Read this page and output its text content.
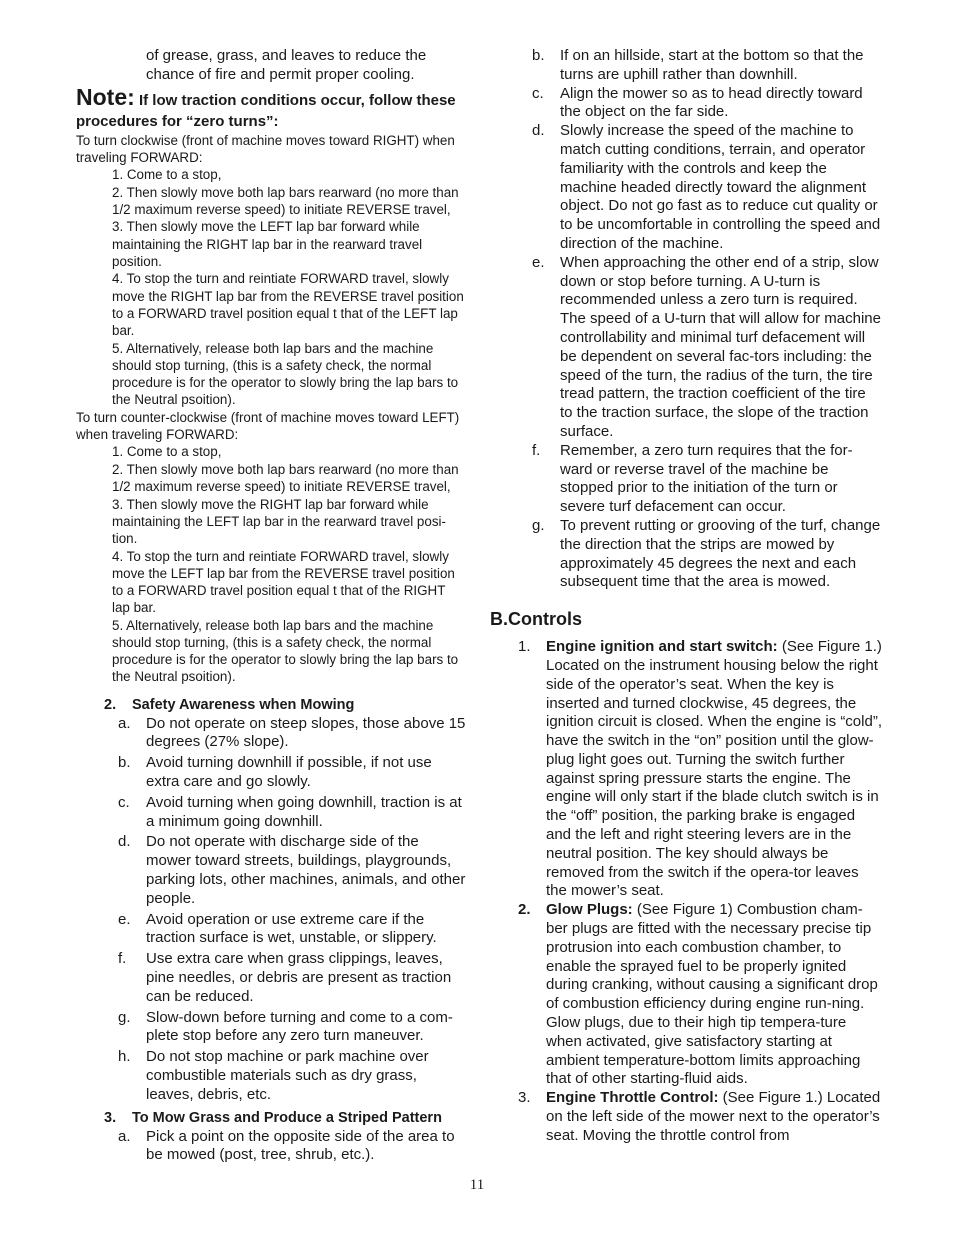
of grease, grass, and leaves to reduce the chance of fire and permit proper cooling.

Note: If low traction conditions occur, follow these procedures for “zero turns”:

To turn clockwise (front of machine moves toward RIGHT) when traveling FORWARD:

1. Come to a stop,

2. Then slowly move both lap bars rearward (no more than 1/2 maximum reverse speed) to initiate REVERSE travel,

3. Then slowly move the LEFT lap bar forward while maintaining the RIGHT lap bar in the rearward travel position.

4. To stop the turn and reintiate FORWARD travel, slowly move the RIGHT lap bar from the REVERSE travel position to a FORWARD travel position equal t that of the LEFT lap bar.

5. Alternatively, release both lap bars and the machine should stop turning, (this is a safety check, the normal procedure is for the operator to slowly bring the lap bars to the Neutral psoition).

To turn counter-clockwise (front of machine moves toward LEFT) when traveling FORWARD:

1. Come to a stop,

2. Then slowly move both lap bars rearward (no more than 1/2 maximum reverse speed) to initiate REVERSE travel,

3. Then slowly move the RIGHT lap bar forward while maintaining the LEFT lap bar in the rearward travel posi-tion.

4. To stop the turn and reintiate FORWARD travel, slowly move the LEFT lap bar from the REVERSE travel position to a FORWARD travel position equal t that of the RIGHT lap bar.

5. Alternatively, release both lap bars and the machine should stop turning, (this is a safety check, the normal procedure is for the operator to slowly bring the lap bars to the Neutral psoition).

2. Safety Awareness when Mowing
a.	Do not operate on steep slopes, those above 15 degrees (27% slope).
b.	Avoid turning downhill if possible, if not use extra care and go slowly.
c.	Avoid turning when going downhill, traction is at a minimum going downhill.
d.	Do not operate with discharge side of the mower toward streets, buildings, playgrounds, parking lots, other machines, animals, and other people.
e.	Avoid operation or use extreme care if the traction surface is wet, unstable, or slippery.
f.	Use extra care when grass clippings, leaves, pine needles, or debris are present as traction can be reduced.
g.	Slow-down before turning and come to a com-plete stop before any zero turn maneuver.
h.	Do not stop machine or park machine over combustible materials such as dry grass, leaves, debris, etc.
3. To Mow Grass and Produce a Striped Pattern
a.	Pick a point on the opposite side of the area to be mowed (post, tree, shrub, etc.).
b.	If on an hillside, start at the bottom so that the turns are uphill rather than downhill.
c.	Align the mower so as to head directly toward the object on the far side.
d.	Slowly increase the speed of the machine to match cutting conditions, terrain, and operator familiarity with the controls and keep the machine headed directly toward the alignment object. Do not go fast as to reduce cut quality or to be uncomfortable in controlling the speed and direction of the machine.
e.	When approaching the other end of a strip, slow down or stop before turning. A U-turn is recommended unless a zero turn is required. The speed of a U-turn that will allow for machine controllability and minimal turf defacement will be dependent on several fac-tors including: the speed of the turn, the radius of the turn, the tire tread pattern, the traction coefficient of the tire to the traction surface, the slope of the traction surface.
f.	Remember, a zero turn requires that the for-ward or reverse travel of the machine be stopped prior to the initiation of the turn or severe turf defacement can occur.
g.	To prevent rutting or grooving of the turf, change the direction that the strips are mowed by approximately 45 degrees the next and each subsequent time that the area is mowed.
B.Controls
1.	Engine ignition and start switch: (See Figure 1.) Located on the instrument housing below the right side of the operator’s seat. When the key is inserted and turned clockwise, 45 degrees, the ignition circuit is closed. When the engine is “cold”, have the switch in the “on” position until the glow-plug light goes out. Turning the switch further against spring pressure starts the engine. The engine will only start if the blade clutch switch is in the “off” position, the parking brake is engaged and the left and right steering levers are in the neutral position. The key should always be removed from the switch if the opera-tor leaves the mower’s seat.
2.	Glow Plugs: (See Figure 1) Combustion cham-ber plugs are fitted with the necessary precise tip protrusion into each combustion chamber, to enable the sprayed fuel to be properly ignited during cranking, without causing a significant drop of combustion efficiency during engine run-ning. Glow plugs, due to their high tip tempera-ture when activated, give satisfactory starting at ambient temperature-bottom limits approaching that of other starting-fluid aids.
3.	Engine Throttle Control: (See Figure 1.) Located on the left side of the mower next to the operator’s seat. Moving the throttle control from
11
